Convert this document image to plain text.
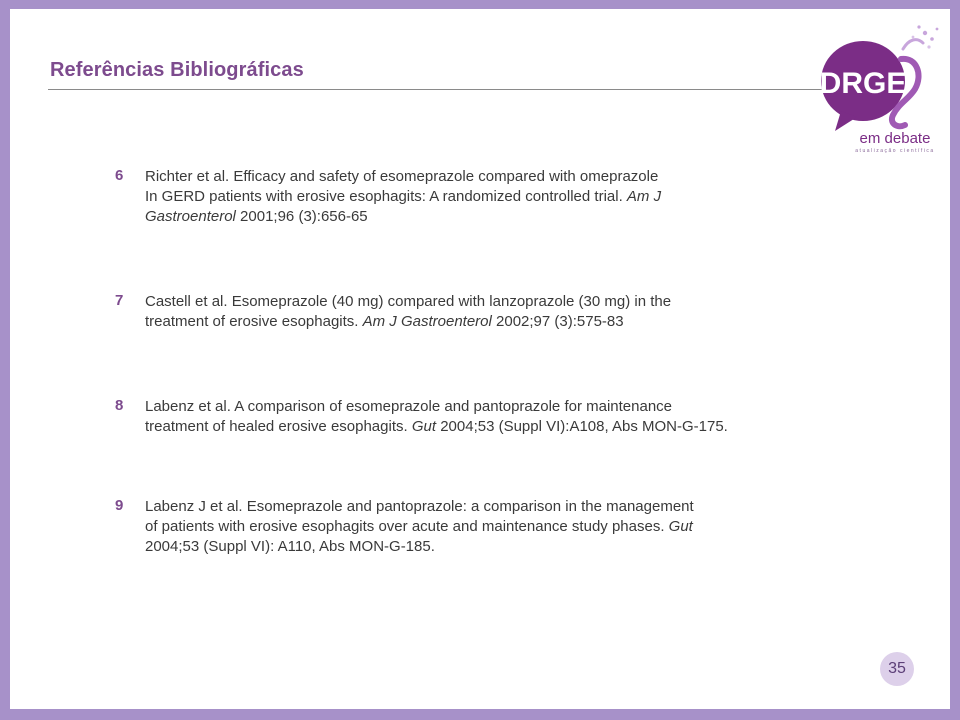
Referências Bibliográficas	DRGE
em debate
atualização científica
6 Richter et al. Efficacy and safety of esomeprazole compared with omeprazole
In GERD patients with erosive esophagits: A randomized controlled trial. Am J
Gastroenterol 2001;96 (3):656-65
7 Castell et al. Esomeprazole (40 mg) compared with lanzoprazole (30 mg) in the
treatment of erosive esophagits. Am J Gastroenterol 2002;97 (3):575-83
8 Labenz et al. A comparison of esomeprazole and pantoprazole for maintenance
treatment of healed erosive esophagits. Gut 2004;53 (Suppl VI):A108, Abs MON-G-175.
9 Labenz J et al. Esomeprazole and pantoprazole: a comparison in the management
of patients with erosive esophagits over acute and maintenance study phases. Gut
2004;53 (Suppl VI): A110, Abs MON-G-185.
35
